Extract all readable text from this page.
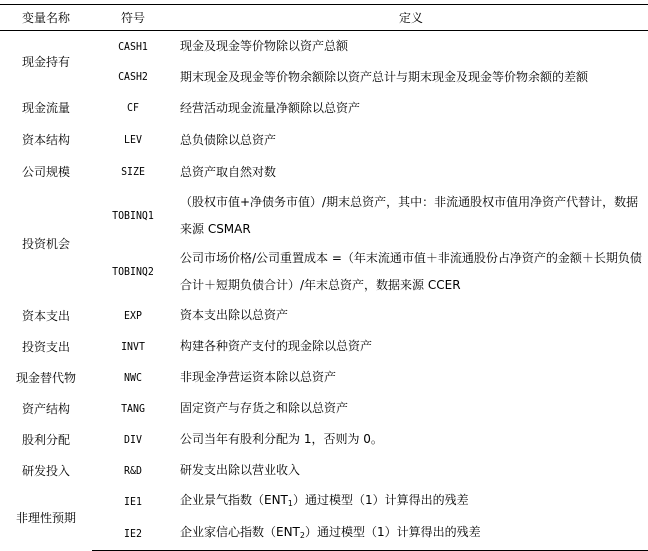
变量名称	符号	定义
现金持有	CASH1	现金及现金等价物除以资产总额
	CASH2	期末现金及现金等价物余额除以资产总计与期末现金及现金等价物余额的差额
现金流量	CF	经营活动现金流量净额除以总资产
资本结构	LEV	总负债除以总资产
公司规模	SIZE	总资产取自然对数
投资机会	TOBINQ1	（股权市值+净债务市值）/期末总资产，其中：非流通股权市值用净资产代替计，数据来源 CSMAR
	TOBINQ2	公司市场价格/公司重置成本 =（年末流通市值＋非流通股份占净资产的金额＋长期负债合计＋短期负债合计）/年末总资产，数据来源 CCER
资本支出	EXP	资本支出除以总资产
投资支出	INVT	构建各种资产支付的现金除以总资产
现金替代物	NWC	非现金净营运资本除以总资产
资产结构	TANG	固定资产与存货之和除以总资产
股利分配	DIV	公司当年有股利分配为 1，否则为 0。
研发投入	R&D	研发支出除以营业收入
非理性预期	IE1	企业景气指数$(ENT_1)$通过模型（1）计算得出的残差
	IE2	企业家信心指数$(ENT_2)$通过模型（1）计算得出的残差
